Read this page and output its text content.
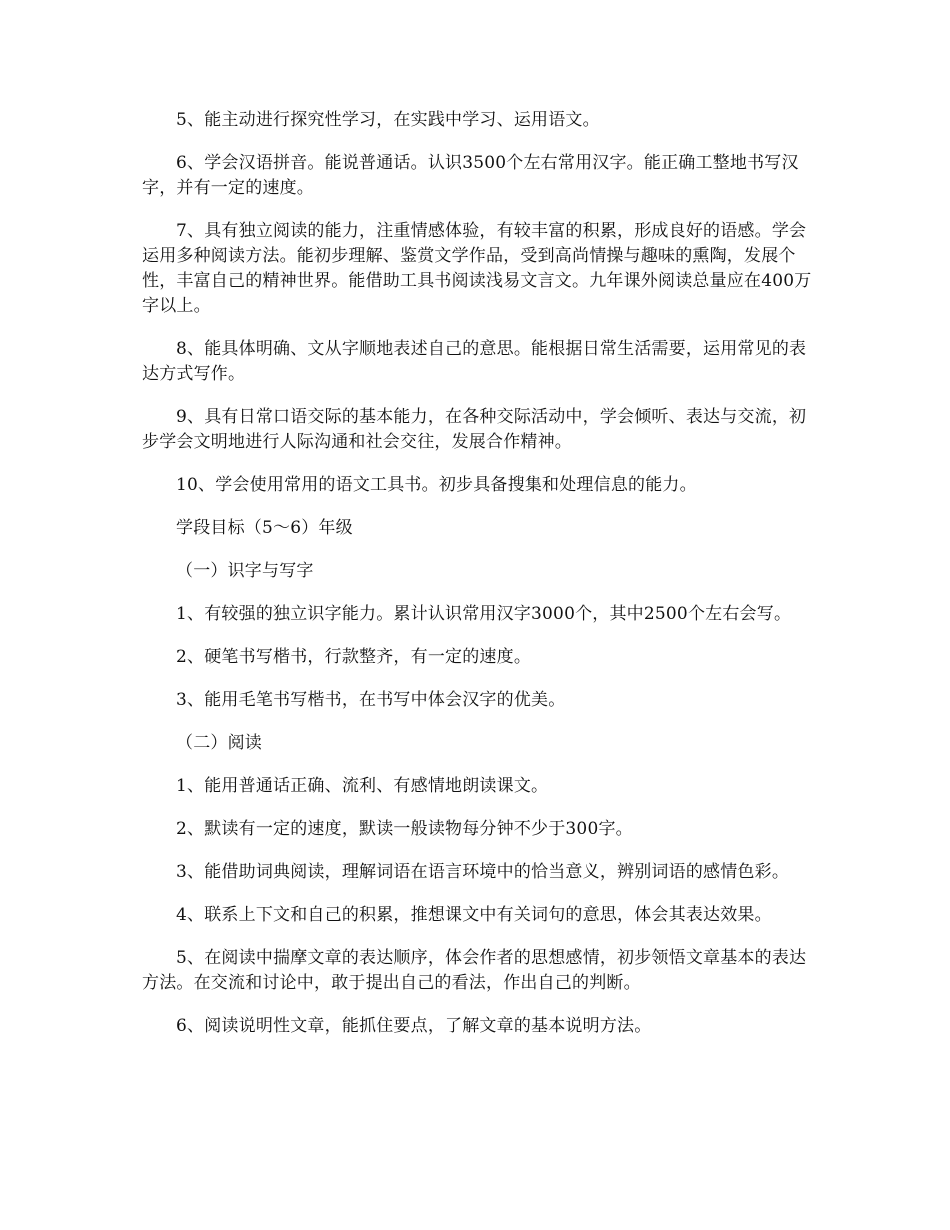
5、能主动进行探究性学习，在实践中学习、运用语文。

6、学会汉语拼音。能说普通话。认识3500个左右常用汉字。能正确工整地书写汉字，并有一定的速度。

7、具有独立阅读的能力，注重情感体验，有较丰富的积累，形成良好的语感。学会运用多种阅读方法。能初步理解、鉴赏文学作品，受到高尚情操与趣味的熏陶，发展个性，丰富自己的精神世界。能借助工具书阅读浅易文言文。九年课外阅读总量应在400万字以上。

8、能具体明确、文从字顺地表述自己的意思。能根据日常生活需要，运用常见的表达方式写作。

9、具有日常口语交际的基本能力，在各种交际活动中，学会倾听、表达与交流，初步学会文明地进行人际沟通和社会交往，发展合作精神。

10、学会使用常用的语文工具书。初步具备搜集和处理信息的能力。

学段目标（5～6）年级

（一）识字与写字

1、有较强的独立识字能力。累计认识常用汉字3000个，其中2500个左右会写。

2、硬笔书写楷书，行款整齐，有一定的速度。

3、能用毛笔书写楷书，在书写中体会汉字的优美。

（二）阅读

1、能用普通话正确、流利、有感情地朗读课文。

2、默读有一定的速度，默读一般读物每分钟不少于300字。

3、能借助词典阅读，理解词语在语言环境中的恰当意义，辨别词语的感情色彩。

4、联系上下文和自己的积累，推想课文中有关词句的意思，体会其表达效果。

5、在阅读中揣摩文章的表达顺序，体会作者的思想感情，初步领悟文章基本的表达方法。在交流和讨论中，敢于提出自己的看法，作出自己的判断。

6、阅读说明性文章，能抓住要点，了解文章的基本说明方法。
